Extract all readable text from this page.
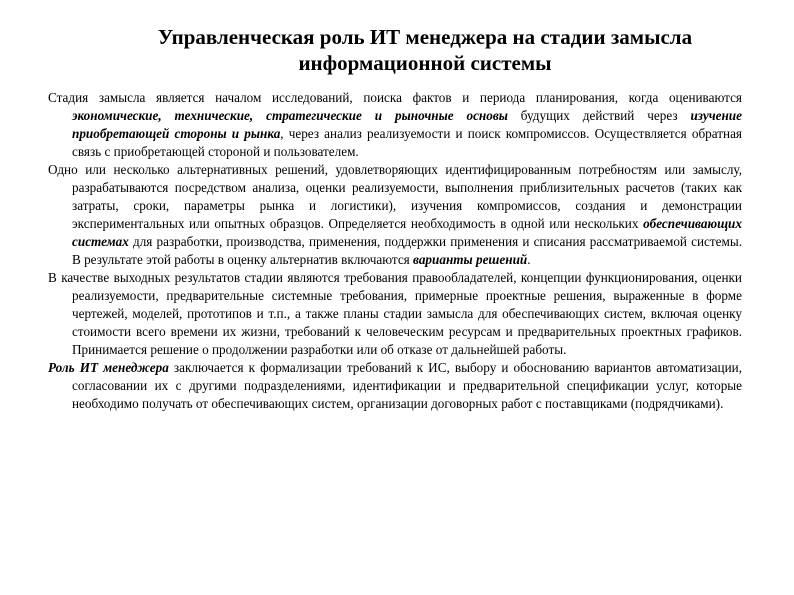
Управленческая роль ИТ менеджера на стадии замысла
информационной системы

Стадия замысла является началом исследований, поиска фактов и периода планирования, когда оцениваются экономические, технические, стратегические и рыночные основы будущих действий через изучение приобретающей стороны и рынка, через анализ реализуемости и поиск компромиссов. Осуществляется обратная связь с приобретающей стороной и пользователем.

Одно или несколько альтернативных решений, удовлетворяющих идентифицированным потребностям или замыслу, разрабатываются посредством анализа, оценки реализуемости, выполнения приблизительных расчетов (таких как затраты, сроки, параметры рынка и логистики), изучения компромиссов, создания и демонстрации экспериментальных или опытных образцов. Определяется необходимость в одной или нескольких обеспечивающих системах для разработки, производства, применения, поддержки применения и списания рассматриваемой системы. В результате этой работы в оценку альтернатив включаются варианты решений.

В качестве выходных результатов стадии являются требования правообладателей, концепции функционирования, оценки реализуемости, предварительные системные требования, примерные проектные решения, выраженные в форме чертежей, моделей, прототипов и т.п., а также планы стадии замысла для обеспечивающих систем, включая оценку стоимости всего времени их жизни, требований к человеческим ресурсам и предварительных проектных графиков. Принимается решение о продолжении разработки или об отказе от дальнейшей работы.

Роль ИТ менеджера заключается к формализации требований к ИС, выбору и обоснованию вариантов автоматизации, согласовании их с другими подразделениями, идентификации и предварительной спецификации услуг, которые необходимо получать от обеспечивающих систем, организации договорных работ с поставщиками (подрядчиками).
